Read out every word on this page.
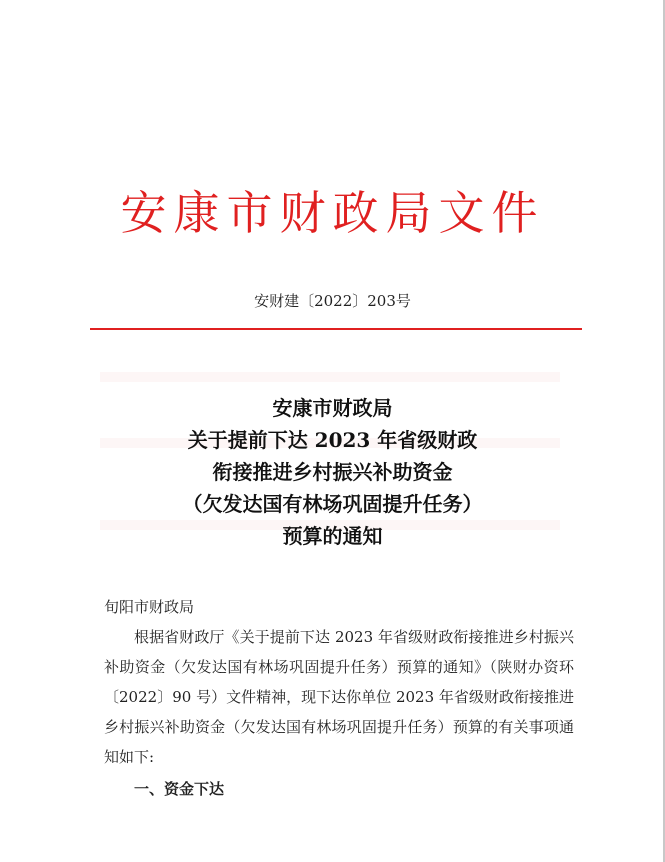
安康市财政局文件
安财建〔2022〕203号
安康市财政局
关于提前下达 2023 年省级财政
衔接推进乡村振兴补助资金
（欠发达国有林场巩固提升任务）
预算的通知
旬阳市财政局
根据省财政厅《关于提前下达 2023 年省级财政衔接推进乡村振兴补助资金（欠发达国有林场巩固提升任务）预算的通知》（陕财办资环〔2022〕90 号）文件精神，现下达你单位 2023 年省级财政衔接推进乡村振兴补助资金（欠发达国有林场巩固提升任务）预算的有关事项通知如下:
一、资金下达
